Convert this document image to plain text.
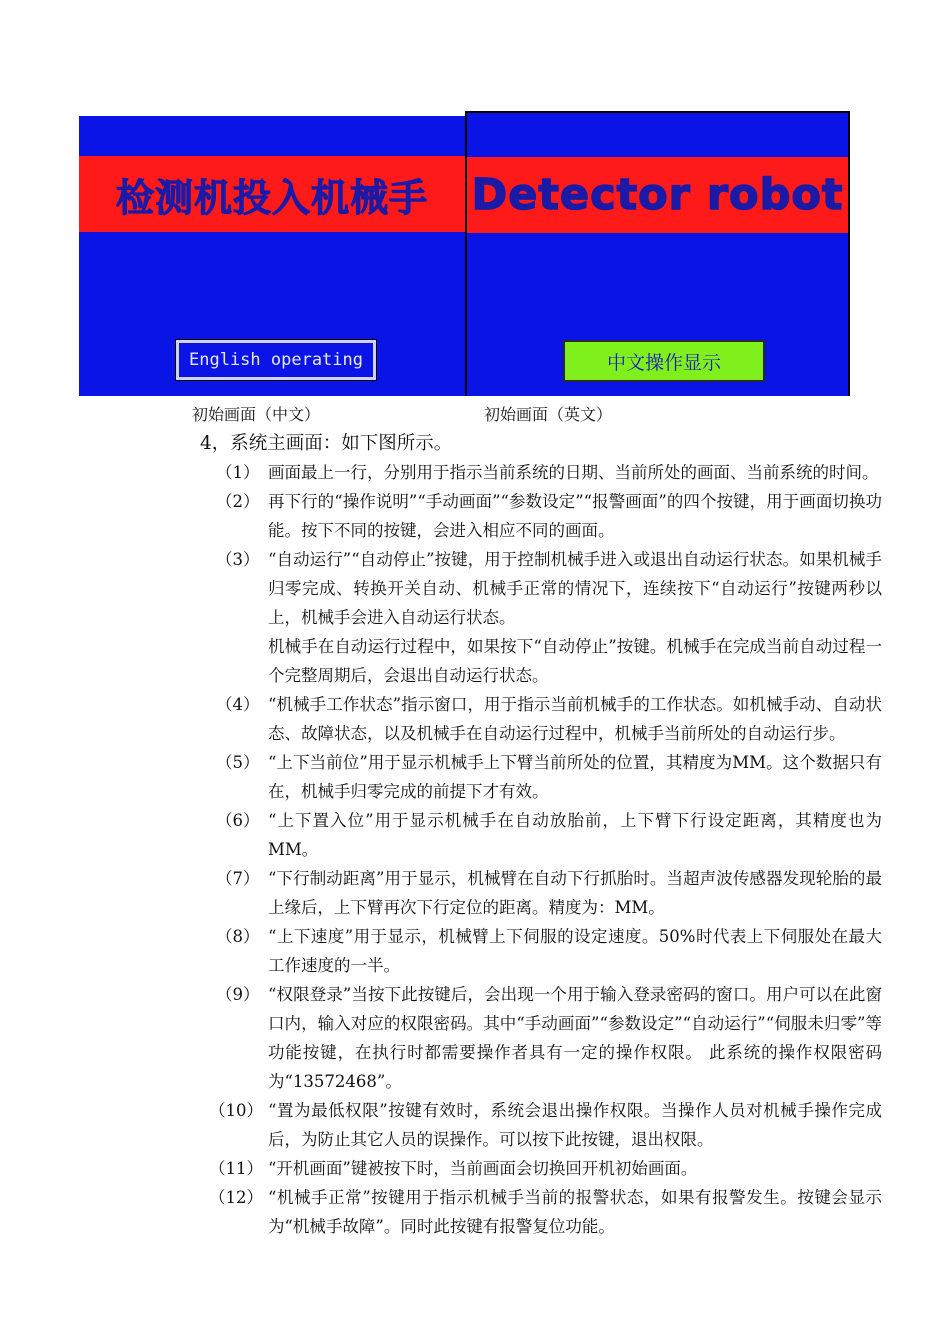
检测机投入机械手
English operating
Detector robot
中文操作显示
初始画面（中文）	初始画面（英文）
4，系统主画面：如下图所示。
（1） 画面最上一行，分别用于指示当前系统的日期、当前所处的画面、当前系统的时间。
（2） 再下行的“操作说明”“手动画面”“参数设定”“报警画面”的四个按键，用于画面切换功能。按下不同的按键，会进入相应不同的画面。
（3） “自动运行”“自动停止”按键，用于控制机械手进入或退出自动运行状态。如果机械手归零完成、转换开关自动、机械手正常的情况下，连续按下“自动运行”按键两秒以上，机械手会进入自动运行状态。
机械手在自动运行过程中，如果按下“自动停止”按键。机械手在完成当前自动过程一个完整周期后，会退出自动运行状态。
（4） “机械手工作状态”指示窗口，用于指示当前机械手的工作状态。如机械手动、自动状态、故障状态，以及机械手在自动运行过程中，机械手当前所处的自动运行步。
（5） “上下当前位”用于显示机械手上下臂当前所处的位置，其精度为MM。这个数据只有在，机械手归零完成的前提下才有效。
（6） “上下置入位”用于显示机械手在自动放胎前，上下臂下行设定距离，其精度也为MM。
（7） “下行制动距离”用于显示，机械臂在自动下行抓胎时。当超声波传感器发现轮胎的最上缘后，上下臂再次下行定位的距离。精度为：MM。
（8） “上下速度”用于显示，机械臂上下伺服的设定速度。50%时代表上下伺服处在最大工作速度的一半。
（9） “权限登录”当按下此按键后，会出现一个用于输入登录密码的窗口。用户可以在此窗口内，输入对应的权限密码。其中“手动画面”“参数设定”“自动运行”“伺服未归零”等功能按键，在执行时都需要操作者具有一定的操作权限。 此系统的操作权限密码为“13572468”。
（10） “置为最低权限”按键有效时，系统会退出操作权限。当操作人员对机械手操作完成后，为防止其它人员的误操作。可以按下此按键，退出权限。
（11） “开机画面”键被按下时，当前画面会切换回开机初始画面。
（12） “机械手正常”按键用于指示机械手当前的报警状态，如果有报警发生。按键会显示为“机械手故障”。同时此按键有报警复位功能。
